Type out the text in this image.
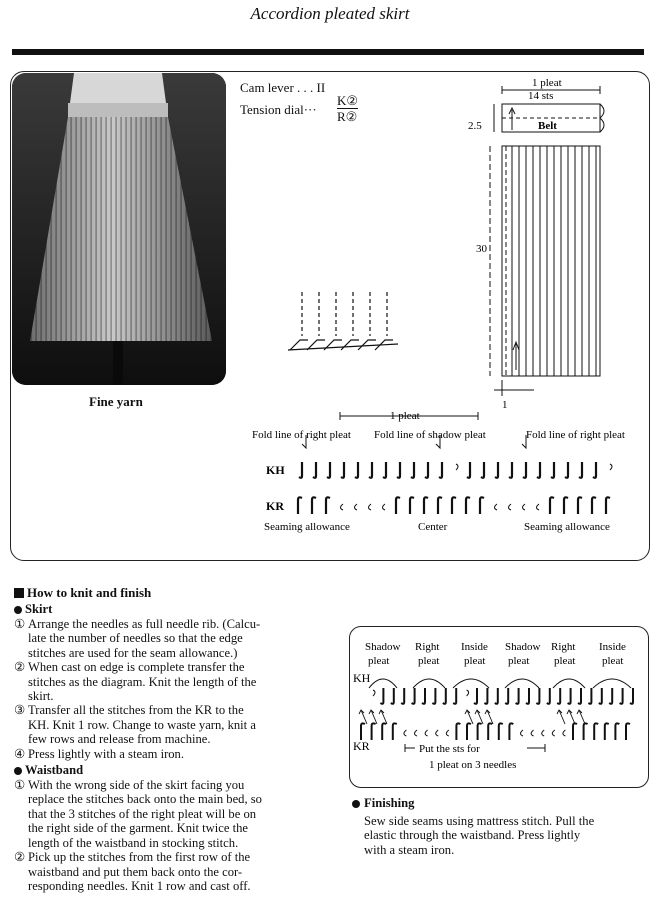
Accordion pleated skirt
Fine yarn
Cam lever . . . II
Tension dial···
K②
R②
1 pleat
14 sts
Belt
2.5
30
1
1 pleat
Fold line of right pleat Fold line of shadow pleat	Fold line of right pleat
KH
KR
Seaming allowance	Center	Seaming allowance
How to knit and finish
Skirt
① Arrange the needles as full needle rib. (Calcu-
late the number of needles so that the edge
stitches are used for the seam allowance.)
② When cast on edge is complete transfer the
stitches as the diagram. Knit the length of the
skirt.
③ Transfer all the stitches from the KR to the
KH. Knit 1 row. Change to waste yarn, knit a
few rows and release from machine.
④ Press lightly with a steam iron.
Waistband
① With the wrong side of the skirt facing you
replace the stitches back onto the main bed, so
that the 3 stitches of the right pleat will be on
the right side of the garment. Knit twice the
length of the waistband in stocking stitch.
② Pick up the stitches from the first row of the
waistband and put them back onto the cor-
responding needles. Knit 1 row and cast off.
Shadow
pleat
Right
pleat
Inside
pleat
Shadow
pleat
Right
pleat
Inside
pleat
KH
KR	Put the sts for
1 pleat on 3 needles
Finishing
Sew side seams using mattress stitch. Pull the
elastic through the waistband. Press lightly
with a steam iron.
